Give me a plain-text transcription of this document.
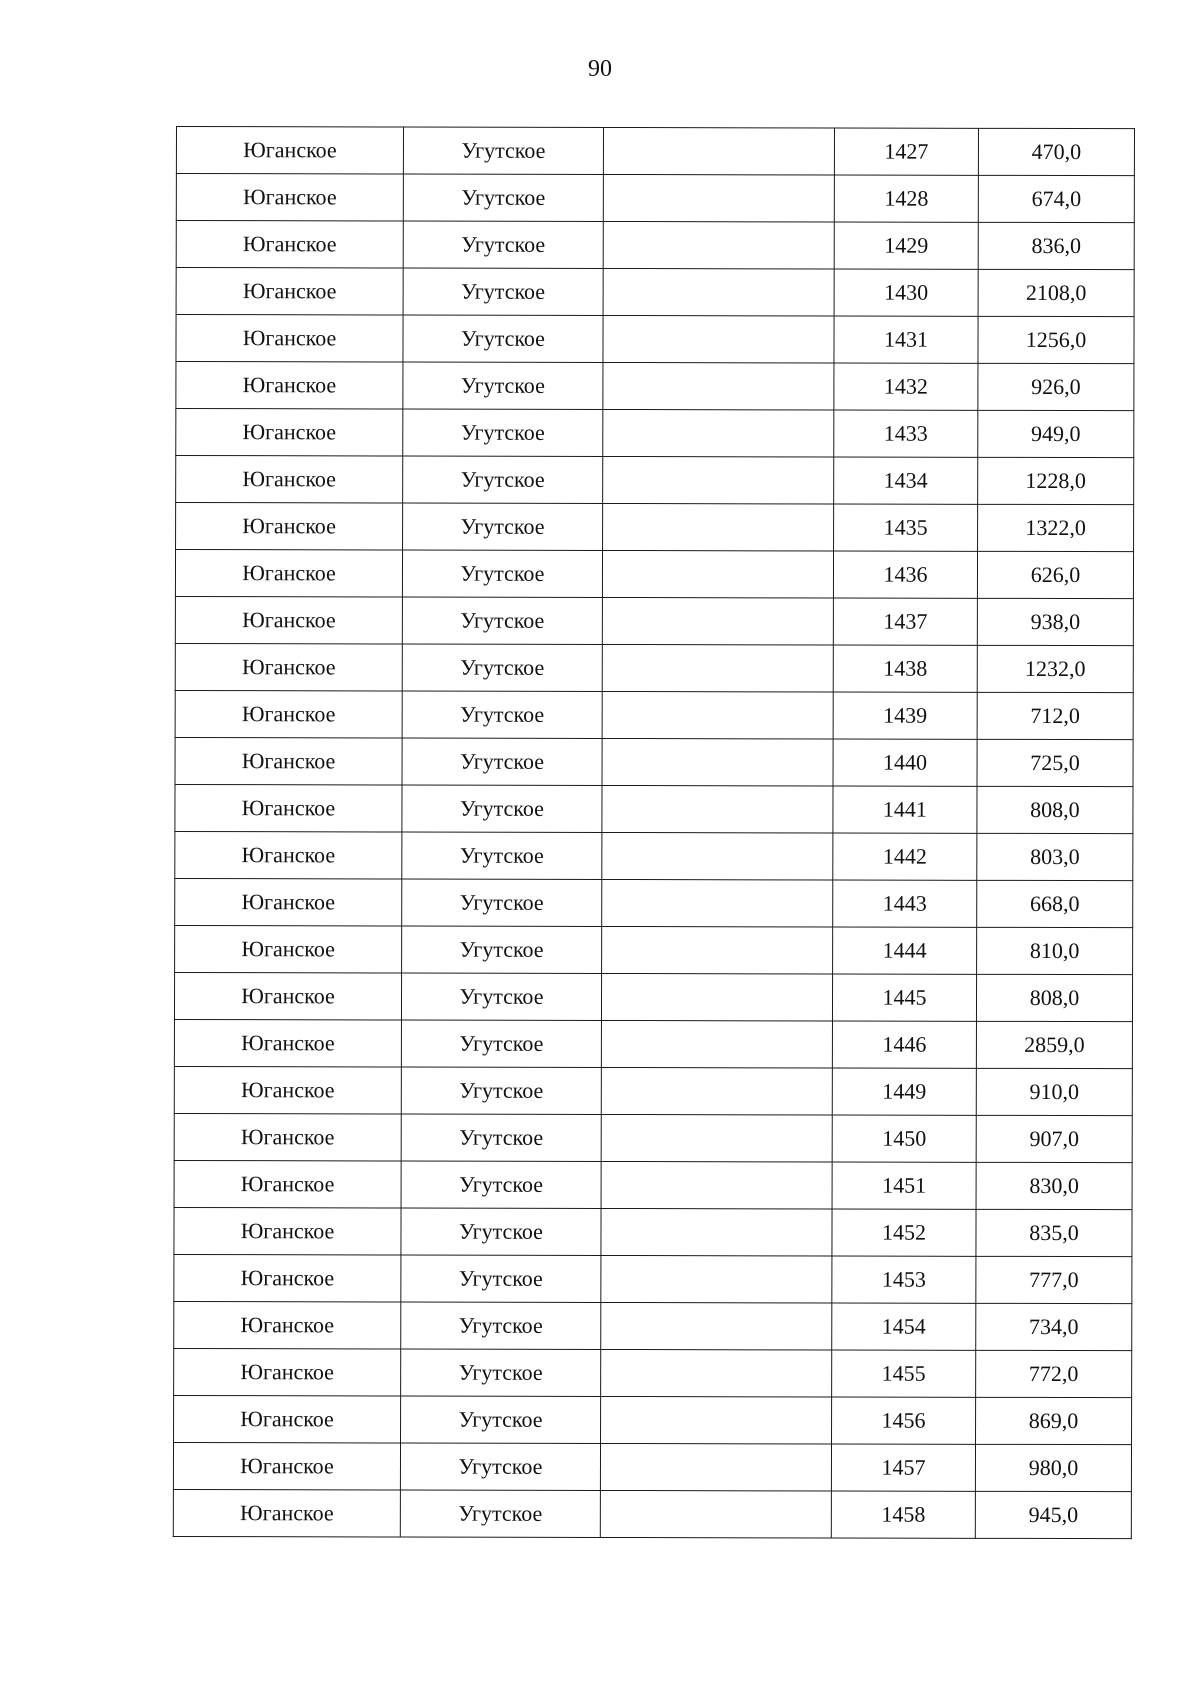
90
Юганское	Угутское		1427	470,0
Юганское	Угутское		1428	674,0
Юганское	Угутское		1429	836,0
Юганское	Угутское		1430	2108,0
Юганское	Угутское		1431	1256,0
Юганское	Угутское		1432	926,0
Юганское	Угутское		1433	949,0
Юганское	Угутское		1434	1228,0
Юганское	Угутское		1435	1322,0
Юганское	Угутское		1436	626,0
Юганское	Угутское		1437	938,0
Юганское	Угутское		1438	1232,0
Юганское	Угутское		1439	712,0
Юганское	Угутское		1440	725,0
Юганское	Угутское		1441	808,0
Юганское	Угутское		1442	803,0
Юганское	Угутское		1443	668,0
Юганское	Угутское		1444	810,0
Юганское	Угутское		1445	808,0
Юганское	Угутское		1446	2859,0
Юганское	Угутское		1449	910,0
Юганское	Угутское		1450	907,0
Юганское	Угутское		1451	830,0
Юганское	Угутское		1452	835,0
Юганское	Угутское		1453	777,0
Юганское	Угутское		1454	734,0
Юганское	Угутское		1455	772,0
Юганское	Угутское		1456	869,0
Юганское	Угутское		1457	980,0
Юганское	Угутское		1458	945,0
